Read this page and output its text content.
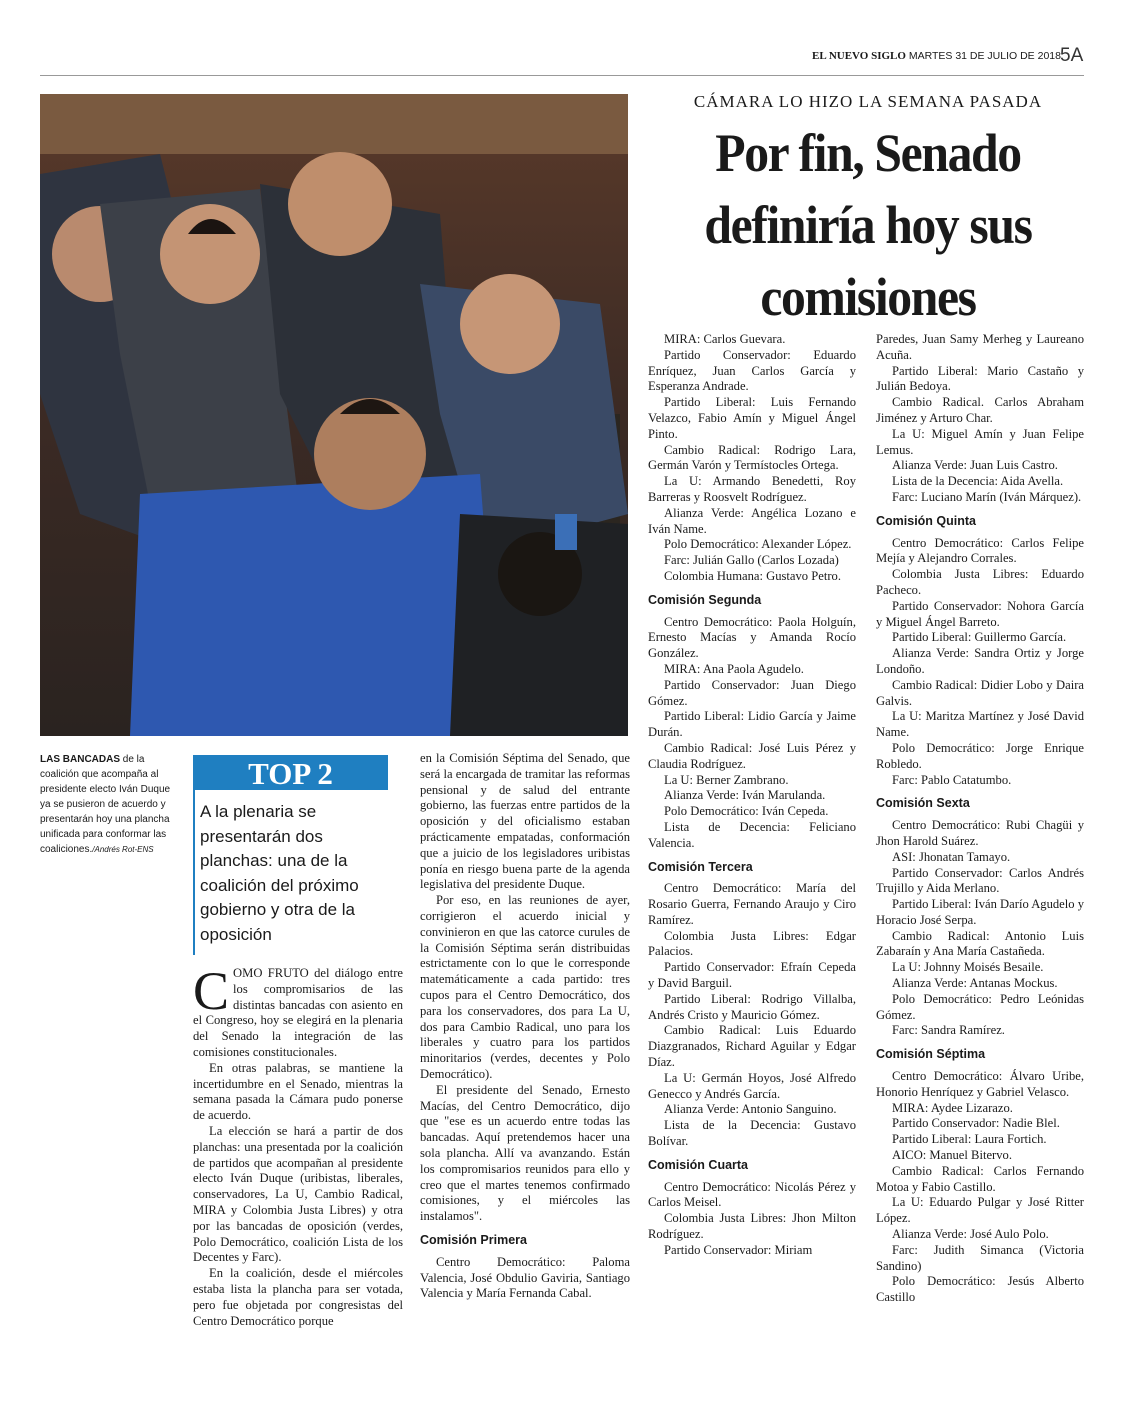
EL NUEVO SIGLO MARTES 31 DE JULIO DE 2018 5A
CÁMARA LO HIZO LA SEMANA PASADA
Por fin, Senado definiría hoy sus comisiones
LAS BANCADAS de la coalición que acompaña al presidente electo Iván Duque ya se pusieron de acuerdo y presentarán hoy una plancha unificada para conformar las coaliciones./Andrés Rot-ENS
TOP 2
A la plenaria se presentarán dos planchas: una de la coalición del próximo gobierno y otra de la oposición

COMO FRUTO del diálogo entre los compromisarios de las distintas bancadas con asiento en el Congreso, hoy se elegirá en la plenaria del Senado la integración de las comisiones constitucionales.

En otras palabras, se mantiene la incertidumbre en el Senado, mientras la semana pasada la Cámara pudo ponerse de acuerdo.

La elección se hará a partir de dos planchas: una presentada por la coalición de partidos que acompañan al presidente electo Iván Duque (uribistas, liberales, conservadores, La U, Cambio Radical, MIRA y Colombia Justa Libres) y otra por las bancadas de oposición (verdes, Polo Democrático, coalición Lista de los Decentes y Farc).

En la coalición, desde el miércoles estaba lista la plancha para ser votada, pero fue objetada por congresistas del Centro Democrático porque

en la Comisión Séptima del Senado, que será la encargada de tramitar las reformas pensional y de salud del entrante gobierno, las fuerzas entre partidos de la oposición y del oficialismo estaban prácticamente empatadas, conformación que a juicio de los legisladores uribistas ponía en riesgo buena parte de la agenda legislativa del presidente Duque.

Por eso, en las reuniones de ayer, corrigieron el acuerdo inicial y convinieron en que las catorce curules de la Comisión Séptima serán distribuidas estrictamente con lo que le corresponde matemáticamente a cada partido: tres cupos para el Centro Democrático, dos para los conservadores, dos para La U, dos para Cambio Radical, uno para los liberales y cuatro para los partidos minoritarios (verdes, decentes y Polo Democrático).

El presidente del Senado, Ernesto Macías, del Centro Democrático, dijo que "ese es un acuerdo entre todas las bancadas. Aquí pretendemos hacer una sola plancha. Allí va avanzando. Están los compromisarios reunidos para ello y creo que el martes tenemos confirmado comisiones, y el miércoles las instalamos".

Comisión Primera

Centro Democrático: Paloma Valencia, José Obdulio Gaviria, Santiago Valencia y María Fernanda Cabal.

MIRA: Carlos Guevara.

Partido Conservador: Eduardo Enríquez, Juan Carlos García y Esperanza Andrade.

Partido Liberal: Luis Fernando Velazco, Fabio Amín y Miguel Ángel Pinto.

Cambio Radical: Rodrigo Lara, Germán Varón y Termístocles Ortega.

La U: Armando Benedetti, Roy Barreras y Roosvelt Rodríguez.

Alianza Verde: Angélica Lozano e Iván Name.

Polo Democrático: Alexander López.

Farc: Julián Gallo (Carlos Lozada)

Colombia Humana: Gustavo Petro.

Comisión Segunda

Centro Democrático: Paola Holguín, Ernesto Macías y Amanda Rocío González.

MIRA: Ana Paola Agudelo.

Partido Conservador: Juan Diego Gómez.

Partido Liberal: Lidio García y Jaime Durán.

Cambio Radical: José Luis Pérez y Claudia Rodríguez.

La U: Berner Zambrano.

Alianza Verde: Iván Marulanda.

Polo Democrático: Iván Cepeda.

Lista de Decencia: Feliciano Valencia.

Comisión Tercera

Centro Democrático: María del Rosario Guerra, Fernando Araujo y Ciro Ramírez.

Colombia Justa Libres: Edgar Palacios.

Partido Conservador: Efraín Cepeda y David Barguil.

Partido Liberal: Rodrigo Villalba, Andrés Cristo y Mauricio Gómez.

Cambio Radical: Luis Eduardo Diazgranados, Richard Aguilar y Edgar Díaz.

La U: Germán Hoyos, José Alfredo Genecco y Andrés García.

Alianza Verde: Antonio Sanguino.

Lista de la Decencia: Gustavo Bolívar.

Comisión Cuarta

Centro Democrático: Nicolás Pérez y Carlos Meisel.

Colombia Justa Libres: Jhon Milton Rodríguez.

Partido Conservador: Miriam

Paredes, Juan Samy Merheg y Laureano Acuña.

Partido Liberal: Mario Castaño y Julián Bedoya.

Cambio Radical. Carlos Abraham Jiménez y Arturo Char.

La U: Miguel Amín y Juan Felipe Lemus.

Alianza Verde: Juan Luis Castro.

Lista de la Decencia: Aida Avella.

Farc: Luciano Marín (Iván Márquez).

Comisión Quinta

Centro Democrático: Carlos Felipe Mejía y Alejandro Corrales.

Colombia Justa Libres: Eduardo Pacheco.

Partido Conservador: Nohora García y Miguel Ángel Barreto.

Partido Liberal: Guillermo García.

Alianza Verde: Sandra Ortiz y Jorge Londoño.

Cambio Radical: Didier Lobo y Daira Galvis.

La U: Maritza Martínez y José David Name.

Polo Democrático: Jorge Enrique Robledo.

Farc: Pablo Catatumbo.

Comisión Sexta

Centro Democrático: Rubi Chagüi y Jhon Harold Suárez.

ASI: Jhonatan Tamayo.

Partido Conservador: Carlos Andrés Trujillo y Aida Merlano.

Partido Liberal: Iván Darío Agudelo y Horacio José Serpa.

Cambio Radical: Antonio Luis Zabaraín y Ana María Castañeda.

La U: Johnny Moisés Besaile.

Alianza Verde: Antanas Mockus.

Polo Democrático: Pedro Leónidas Gómez.

Farc: Sandra Ramírez.

Comisión Séptima

Centro Democrático: Álvaro Uribe, Honorio Henríquez y Gabriel Velasco.

MIRA: Aydee Lizarazo.

Partido Conservador: Nadie Blel.

Partido Liberal: Laura Fortich.

AICO: Manuel Bitervo.

Cambio Radical: Carlos Fernando Motoa y Fabio Castillo.

La U: Eduardo Pulgar y José Ritter López.

Alianza Verde: José Aulo Polo.

Farc: Judith Simanca (Victoria Sandino)

Polo Democrático: Jesús Alberto Castillo
